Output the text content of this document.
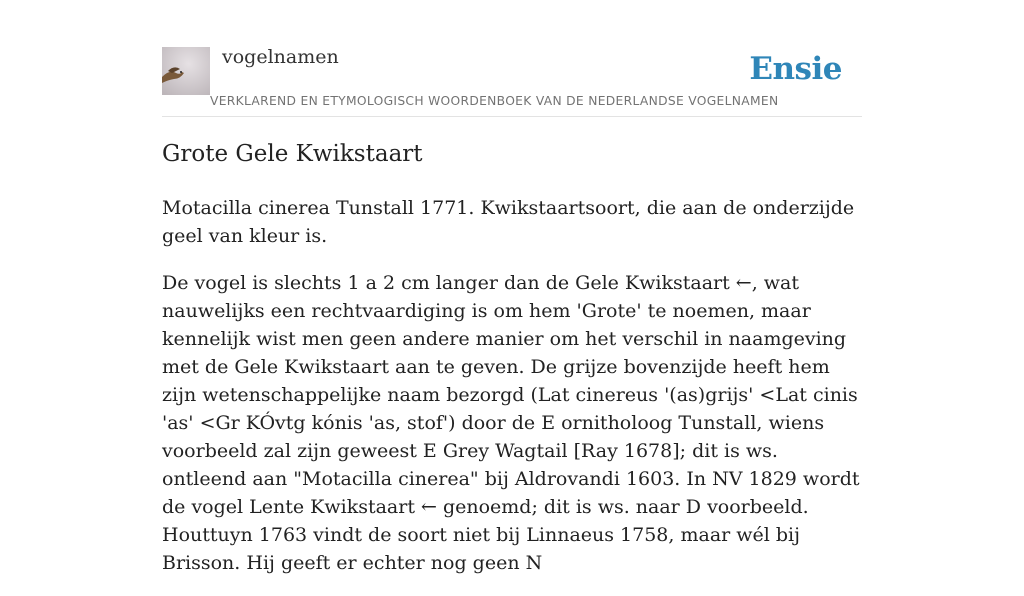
vogelnamen	Ensie
VERKLAREND EN ETYMOLOGISCH WOORDENBOEK VAN DE NEDERLANDSE VOGELNAMEN
Grote Gele Kwikstaart

Motacilla cinerea Tunstall 1771. Kwikstaartsoort, die aan de onderzijde geel van kleur is.

De vogel is slechts 1 a 2 cm langer dan de Gele Kwikstaart ←, wat nauwelijks een rechtvaardiging is om hem 'Grote' te noemen, maar kennelijk wist men geen andere manier om het verschil in naamgeving met de Gele Kwikstaart aan te geven. De grijze bovenzijde heeft hem zijn wetenschappelijke naam bezorgd (Lat cinereus '(as)grijs' <Lat cinis 'as' <Gr KÓvtg kónis 'as, stof') door de E ornitholoog Tunstall, wiens voorbeeld zal zijn geweest E Grey Wagtail [Ray 1678]; dit is ws. ontleend aan "Motacilla cinerea" bij Aldrovandi 1603. In NV 1829 wordt de vogel Lente Kwikstaart ← genoemd; dit is ws. naar D voorbeeld. Houttuyn 1763 vindt de soort niet bij Linnaeus 1758, maar wél bij Brisson. Hij geeft er echter nog geen N
